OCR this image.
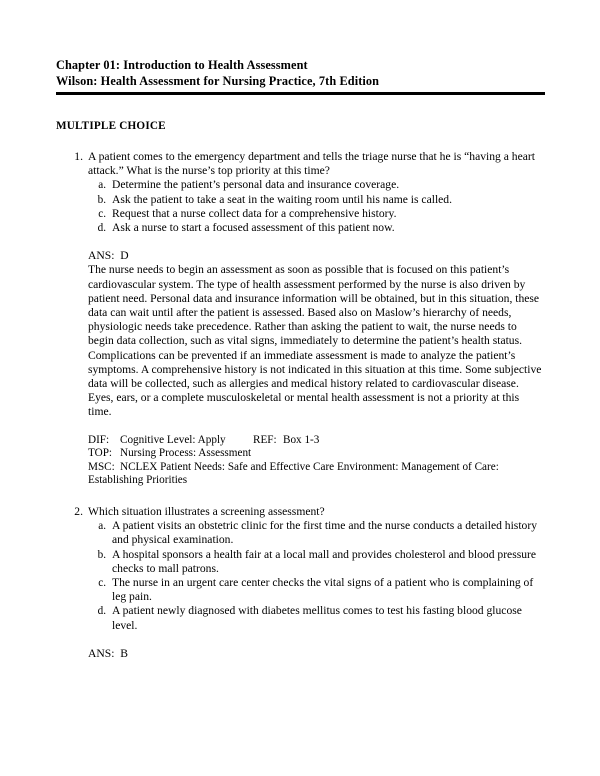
Chapter 01: Introduction to Health Assessment
Wilson: Health Assessment for Nursing Practice, 7th Edition
MULTIPLE CHOICE
1. A patient comes to the emergency department and tells the triage nurse that he is “having a heart attack.” What is the nurse’s top priority at this time?
a. Determine the patient’s personal data and insurance coverage.
b. Ask the patient to take a seat in the waiting room until his name is called.
c. Request that a nurse collect data for a comprehensive history.
d. Ask a nurse to start a focused assessment of this patient now.
ANS:  D
The nurse needs to begin an assessment as soon as possible that is focused on this patient’s cardiovascular system. The type of health assessment performed by the nurse is also driven by patient need. Personal data and insurance information will be obtained, but in this situation, these data can wait until after the patient is assessed. Based also on Maslow’s hierarchy of needs, physiologic needs take precedence. Rather than asking the patient to wait, the nurse needs to begin data collection, such as vital signs, immediately to determine the patient’s health status. Complications can be prevented if an immediate assessment is made to analyze the patient’s symptoms. A comprehensive history is not indicated in this situation at this time. Some subjective data will be collected, such as allergies and medical history related to cardiovascular disease. Eyes, ears, or a complete musculoskeletal or mental health assessment is not a priority at this time.
DIF: Cognitive Level: Apply REF: Box 1-3
TOP: Nursing Process: Assessment
MSC: NCLEX Patient Needs: Safe and Effective Care Environment: Management of Care: Establishing Priorities
2. Which situation illustrates a screening assessment?
a. A patient visits an obstetric clinic for the first time and the nurse conducts a detailed history and physical examination.
b. A hospital sponsors a health fair at a local mall and provides cholesterol and blood pressure checks to mall patrons.
c. The nurse in an urgent care center checks the vital signs of a patient who is complaining of leg pain.
d. A patient newly diagnosed with diabetes mellitus comes to test his fasting blood glucose level.
ANS:  B
